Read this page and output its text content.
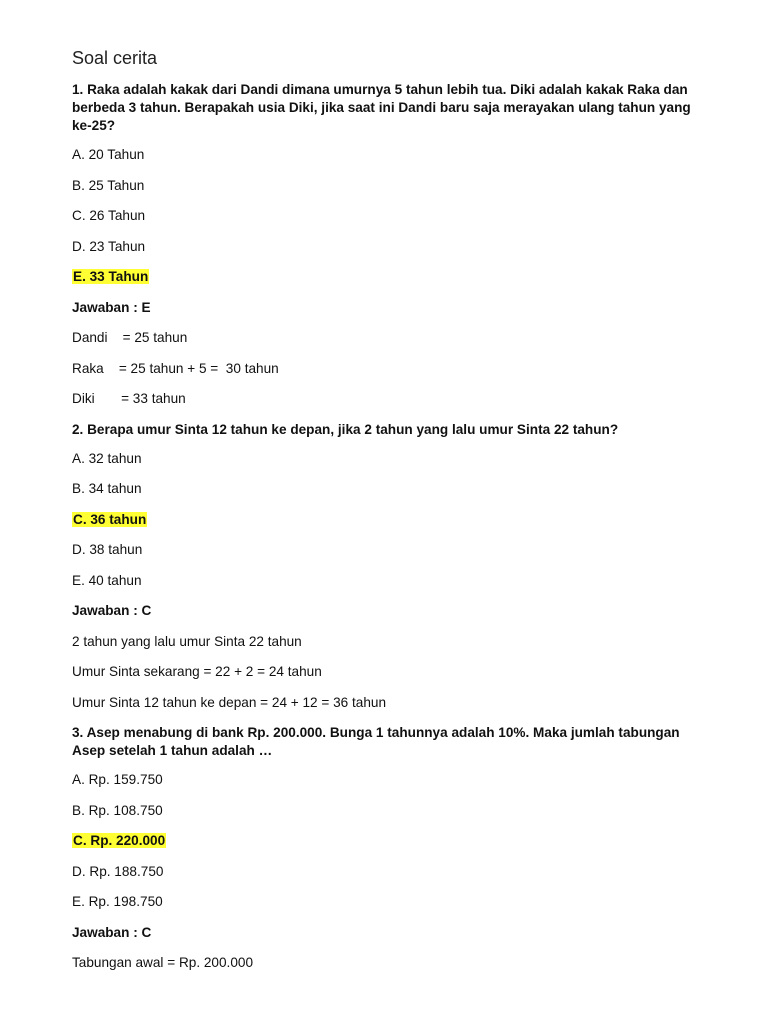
Soal cerita
1. Raka adalah kakak dari Dandi dimana umurnya 5 tahun lebih tua. Diki adalah kakak Raka dan berbeda 3 tahun. Berapakah usia Diki, jika saat ini Dandi baru saja merayakan ulang tahun yang ke-25?
A. 20 Tahun
B. 25 Tahun
C. 26 Tahun
D. 23 Tahun
E. 33 Tahun
Jawaban : E
Dandi    = 25 tahun
Raka    = 25 tahun + 5 =  30 tahun
Diki       = 33 tahun
2. Berapa umur Sinta 12 tahun ke depan, jika 2 tahun yang lalu umur Sinta 22 tahun?
A. 32 tahun
B. 34 tahun
C. 36 tahun
D. 38 tahun
E. 40 tahun
Jawaban : C
2 tahun yang lalu umur Sinta 22 tahun
Umur Sinta sekarang = 22 + 2 = 24 tahun
Umur Sinta 12 tahun ke depan = 24 + 12 = 36 tahun
3. Asep menabung di bank Rp. 200.000. Bunga 1 tahunnya adalah 10%. Maka jumlah tabungan Asep setelah 1 tahun adalah …
A. Rp. 159.750
B. Rp. 108.750
C. Rp. 220.000
D. Rp. 188.750
E. Rp. 198.750
Jawaban : C
Tabungan awal = Rp. 200.000
